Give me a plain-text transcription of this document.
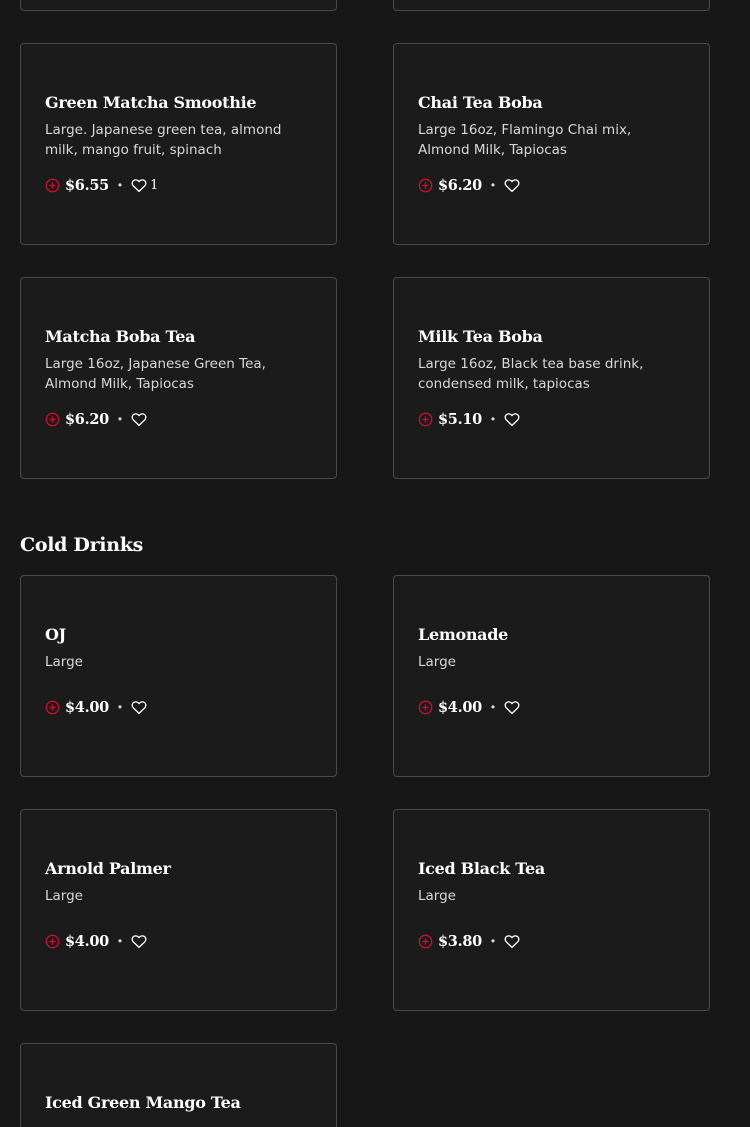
Green Matcha Smoothie
Large. Japanese green tea, almond milk, mango fruit, spinach
$6.55 • 1
Chai Tea Boba
Large 16oz, Flamingo Chai mix, Almond Milk, Tapiocas
$6.20 •
Matcha Boba Tea
Large 16oz, Japanese Green Tea, Almond Milk, Tapiocas
$6.20 •
Milk Tea Boba
Large 16oz, Black tea base drink, condensed milk, tapiocas
$5.10 •
Cold Drinks
OJ
Large
$4.00 •
Lemonade
Large
$4.00 •
Arnold Palmer
Large
$4.00 •
Iced Black Tea
Large
$3.80 •
Iced Green Mango Tea
